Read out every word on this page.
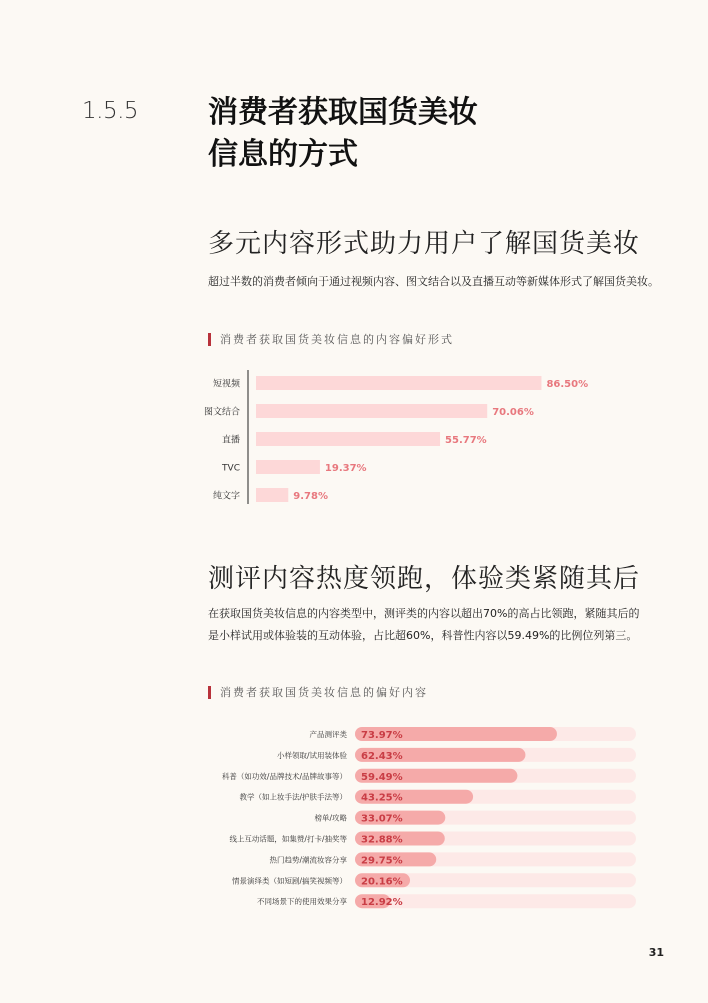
1.5.5 消费者获取国货美妆
信息的方式
多元内容形式助力用户了解国货美妆
超过半数的消费者倾向于通过视频内容、图文结合以及直播互动等新媒体形式了解国货美妆。
消费者获取国货美妆信息的内容偏好形式
短视频	86.50%
图文结合	70.06%
直播	55.77%
TVC	19.37%
纯文字	9.78%
测评内容热度领跑，体验类紧随其后
在获取国货美妆信息的内容类型中，测评类的内容以超出70%的高占比领跑，紧随其后的
是小样试用或体验装的互动体验，占比超60%，科普性内容以59.49%的比例位列第三。
消费者获取国货美妆信息的偏好内容
产品测评类 73.97%
小样领取/试用装体验 62.43%
科普（如功效/品牌技术/品牌故事等） 59.49%
教学（如上妆手法/护肤手法等） 43.25%
榜单/攻略 33.07%
线上互动话题，如集赞/打卡/抽奖等 32.88%
热门趋势/潮流妆容分享 29.75%
情景演绎类（如短剧/搞笑视频等） 20.16%
不同场景下的使用效果分享 12.92%
31
